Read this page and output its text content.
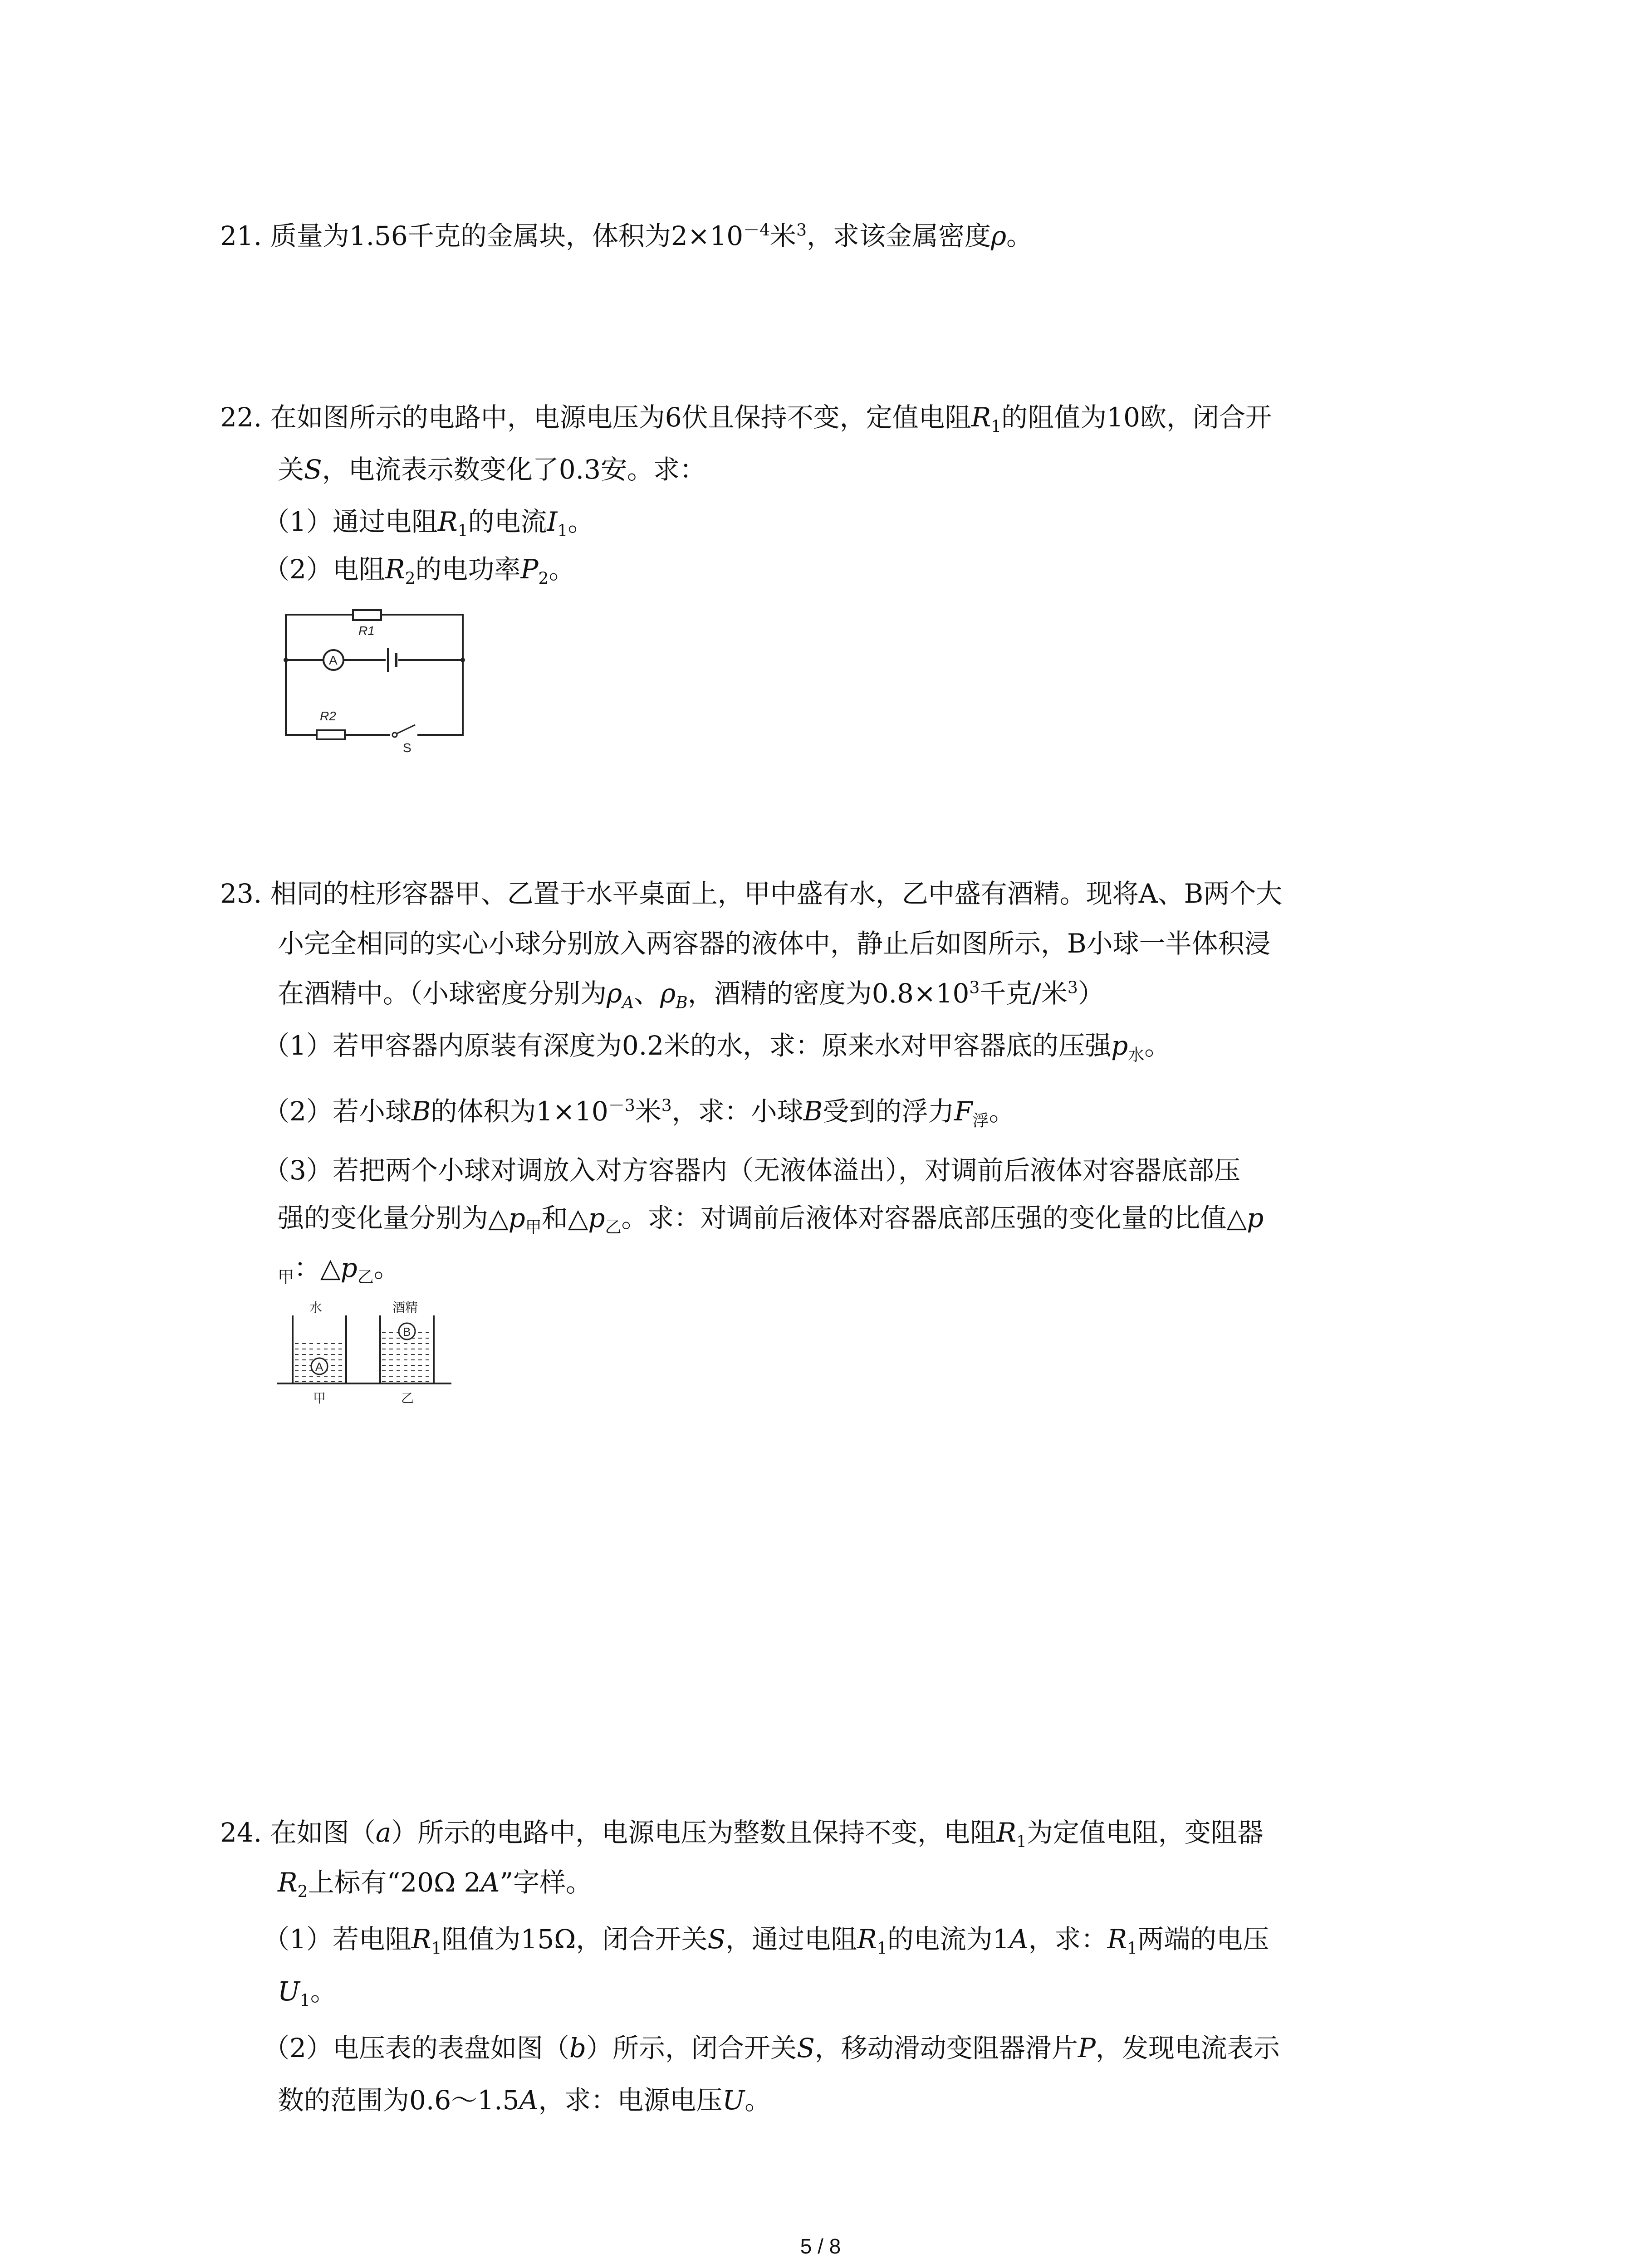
21. 质量为1.56千克的金属块，体积为$2\times 10^{-4}$米$^3$，求该金属密度ρ。
22. 在如图所示的电路中，电源电压为6伏且保持不变，定值电阻$R_1$的阻值为10欧，闭合开
关S，电流表示数变化了0.3安。求：
（1）通过电阻$R_1$的电流$I_1$。
（2）电阻$R_2$的电功率$P_2$。
R1
A
R2
S
23. 相同的柱形容器甲、乙置于水平桌面上，甲中盛有水，乙中盛有酒精。现将A、B两个大
小完全相同的实心小球分别放入两容器的液体中，静止后如图所示，B小球一半体积浸
在酒精中。（小球密度分别为$\rho_A$、$\rho_B$，酒精的密度为$0.8\times 10^3$千克/米$^3$）
（1）若甲容器内原装有深度为0.2米的水，求：原来水对甲容器底的压强$p_水$。
（2）若小球B的体积为$1\times 10^{-3}$米$^3$，求：小球B受到的浮力$F_浮$。
（3）若把两个小球对调放入对方容器内（无液体溢出），对调前后液体对容器底部压
强的变化量分别为$\triangle p_甲$和$\triangle p_乙$。求：对调前后液体对容器底部压强的变化量的比值△p
$_甲$：$\triangle p_乙$。
水	酒精
A
B
甲	乙
24. 在如图（a）所示的电路中，电源电压为整数且保持不变，电阻$R_1$为定值电阻，变阻器
$R_2$上标有“20Ω 2A”字样。
（1）若电阻$R_1$阻值为15Ω，闭合开关S，通过电阻$R_1$的电流为1A，求：$R_1$两端的电压
$U_1$。
（2）电压表的表盘如图（b）所示，闭合开关S，移动滑动变阻器滑片P，发现电流表示
数的范围为0.6～1.5A，求：电源电压U。
5 / 8
